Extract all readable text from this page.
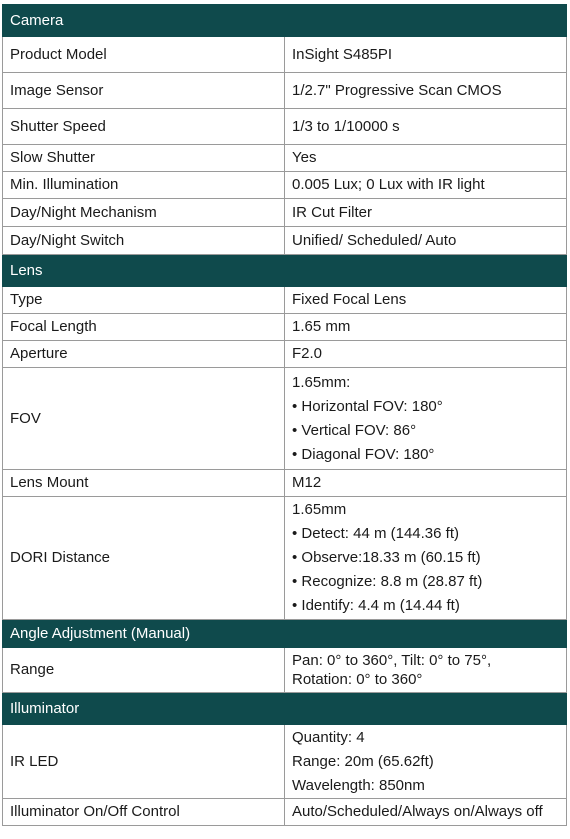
Camera	
Product Model	InSight S485PI
Image Sensor	1/2.7" Progressive Scan CMOS
Shutter Speed	1/3 to 1/10000 s
Slow Shutter	Yes
Min. Illumination	0.005 Lux; 0 Lux with IR light
Day/Night Mechanism	IR Cut Filter
Day/Night Switch	Unified/ Scheduled/ Auto
Lens	
Type	Fixed Focal Lens
Focal Length	1.65 mm
Aperture	F2.0
FOV	1.65mm:
• Horizontal FOV: 180°
• Vertical FOV: 86°
• Diagonal FOV: 180°

Lens Mount	M12
DORI Distance	1.65mm
• Detect: 44 m (144.36 ft)
• Observe:18.33 m (60.15 ft)
• Recognize: 8.8 m (28.87 ft)
• Identify: 4.4 m (14.44 ft)

Angle Adjustment (Manual)	
Range	Pan: 0° to 360°, Tilt: 0° to 75°, Rotation: 0° to 360°
Illuminator	
IR LED	Quantity: 4
Range: 20m (65.62ft)
Wavelength: 850nm

Illuminator On/Off Control	Auto/Scheduled/Always on/Always off
